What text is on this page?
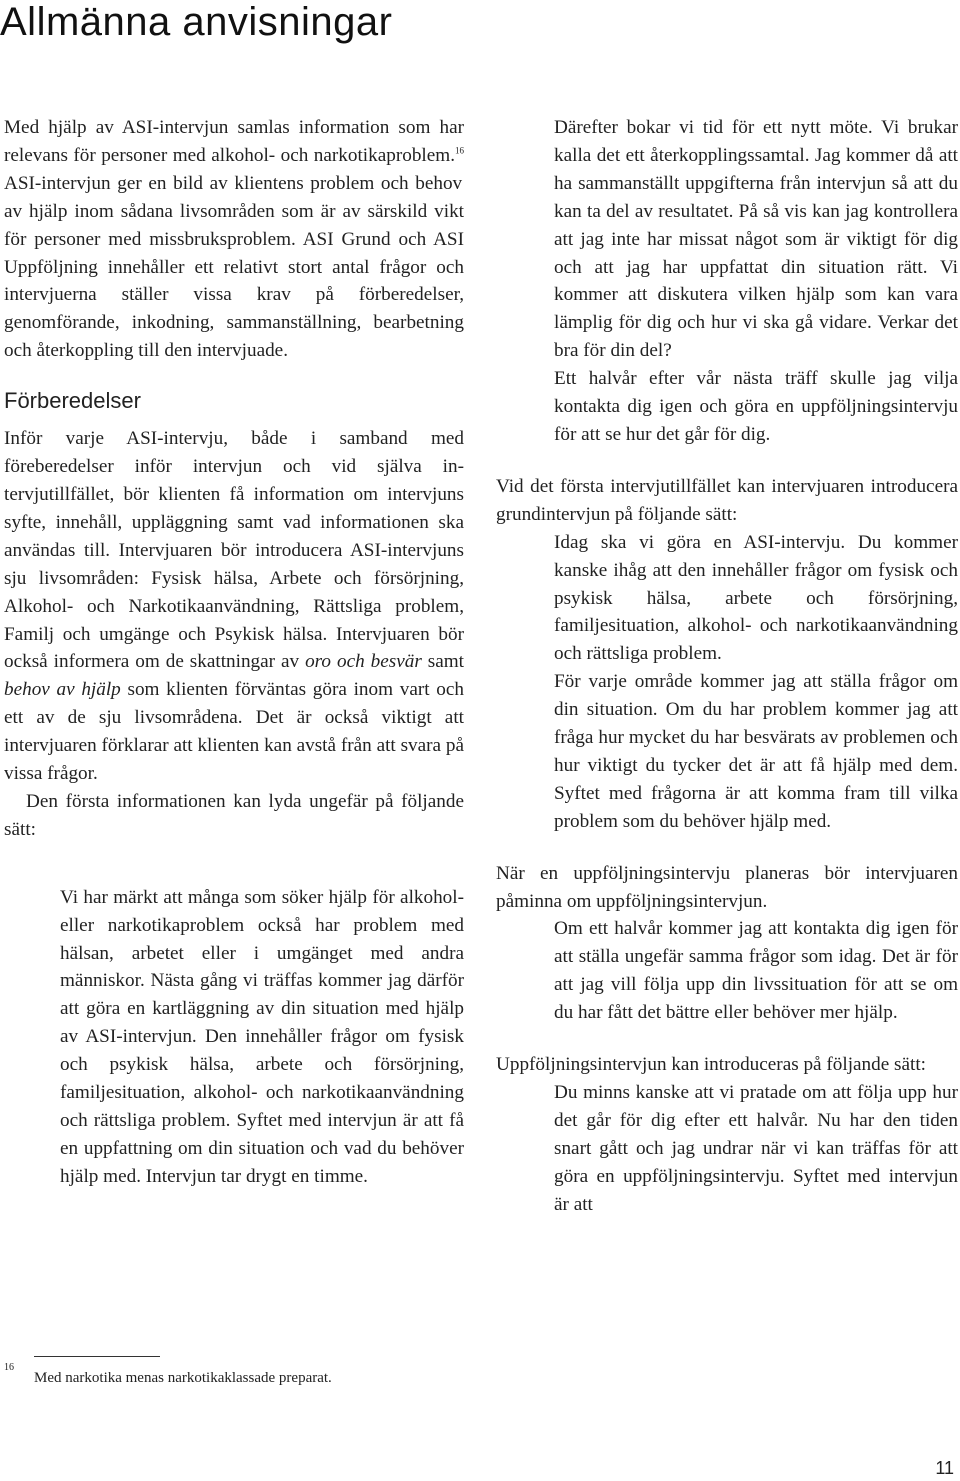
Allmänna anvisningar

Med hjälp av ASI-intervjun samlas information som har relevans för personer med alkohol- och narkotikaproblem.$^{16}$ ASI-intervjun ger en bild av klientens problem och behov av hjälp inom sådana livsområden som är av särskild vikt för personer med missbruksproblem. ASI Grund och ASI Uppföljning innehåller ett relativt stort antal frågor och intervjuerna ställer vissa krav på förberedelser, genomförande, inkodning, sammanställning, bearbetning och återkoppling till den intervjuade.

Förberedelser

Inför varje ASI-intervju, både i samband med föreberedelser inför intervjun och vid själva intervjutillfället, bör klienten få information om intervjuns syfte, innehåll, uppläggning samt vad informationen ska användas till. Intervjuaren bör introducera ASI-intervjuns sju livsområden: Fysisk hälsa, Arbete och försörjning, Alkohol- och Narkotikaanvändning, Rättsliga problem, Familj och umgänge och Psykisk hälsa. Intervjuaren bör också informera om de skattningar av oro och besvär samt behov av hjälp som klienten förväntas göra inom vart och ett av de sju livsområdena. Det är också viktigt att intervjuaren förklarar att klienten kan avstå från att svara på vissa frågor.

Den första informationen kan lyda ungefär på följande sätt:

Vi har märkt att många som söker hjälp för alkohol- eller narkotikaproblem också har problem med hälsan, arbetet eller i umgänget med andra människor. Nästa gång vi träffas kommer jag därför att göra en kartläggning av din situation med hjälp av ASI-intervjun. Den innehåller frågor om fysisk och psykisk hälsa, arbete och försörjning, familjesituation, alkohol- och narkotikaanvändning och rättsliga problem. Syftet med intervjun är att få en uppfattning om din situation och vad du behöver hjälp med. Intervjun tar drygt en timme.

16
Med narkotika menas narkotikaklassade preparat.

Därefter bokar vi tid för ett nytt möte. Vi brukar kalla det ett återkopplingssamtal. Jag kommer då att ha sammanställt uppgifterna från intervjun så att du kan ta del av resultatet. På så vis kan jag kontrollera att jag inte har missat något som är viktigt för dig och att jag har uppfattat din situation rätt. Vi kommer att diskutera vilken hjälp som kan vara lämplig för dig och hur vi ska gå vidare. Verkar det bra för din del?

Ett halvår efter vår nästa träff skulle jag vilja kontakta dig igen och göra en uppföljningsintervju för att se hur det går för dig.

Vid det första intervjutillfället kan intervjuaren introducera grundintervjun på följande sätt:

Idag ska vi göra en ASI-intervju. Du kommer kanske ihåg att den innehåller frågor om fysisk och psykisk hälsa, arbete och försörjning, familjesituation, alkohol- och narkotikaanvändning och rättsliga problem.

För varje område kommer jag att ställa frågor om din situation. Om du har problem kommer jag att fråga hur mycket du har besvärats av problemen och hur viktigt du tycker det är att få hjälp med dem. Syftet med frågorna är att komma fram till vilka problem som du behöver hjälp med.

När en uppföljningsintervju planeras bör intervjuaren påminna om uppföljningsintervjun.

Om ett halvår kommer jag att kontakta dig igen för att ställa ungefär samma frågor som idag. Det är för att jag vill följa upp din livssituation för att se om du har fått det bättre eller behöver mer hjälp.

Uppföljningsintervjun kan introduceras på följande sätt:

Du minns kanske att vi pratade om att följa upp hur det går för dig efter ett halvår. Nu har den tiden snart gått och jag undrar när vi kan träffas för att göra en uppföljningsintervju. Syftet med intervjun är att

11
